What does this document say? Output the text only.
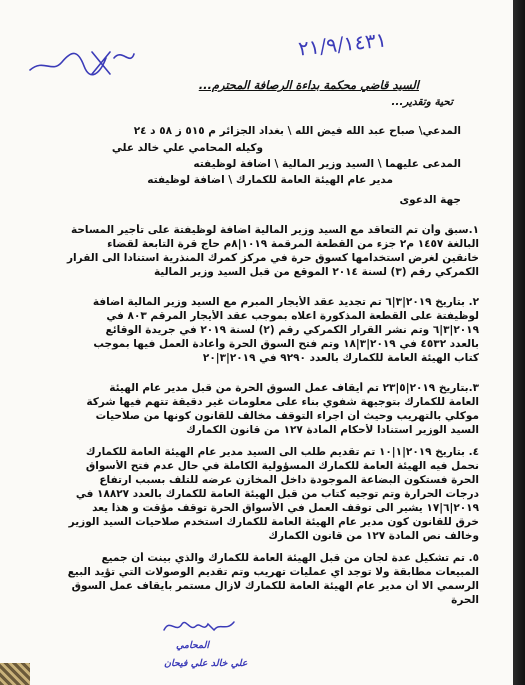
٢١/٩/١٤٣١
السيد قاضي محكمة بداءة الرصافة المحترم...
تحية وتقدير...
المدعي\ صباح عبد الله فيض الله \ بغداد الجزائر م ٥١٥ ز ٥٨ د ٢٤
وكيله المحامي علي خالد علي
المدعى عليهما \ السيد وزير المالية \ اضافة لوظيفته
مدير عام الهيئة العامة للكمارك \ اضافة لوظيفته
جهة الدعوى
١.سبق وأن تم التعاقد مع السيد وزير المالية اضافة لوظيفتة على تأجير المساحة
البالغة ١٤٥٧ م٢ جزء من القطعة المرقمة ١٠١٩|٨م حاج قرة التابعة لقضاء
خانقين لغرض استخدامها كسوق حرة في مركز كمرك المنذرية استنادا الى القرار
الكمركي رقم (٣) لسنة ٢٠١٤ الموقع من قبل السيد وزير المالية
٢. بتاريخ ٢٠١٩|٣|٦ تم تجديد عقد الأيجار المبرم مع السيد وزير المالية اضافة
لوظيفتة على القطعة المذكورة اعلاه بموجب عقد الأيجار المرقم ٨٠٣ في
٢٠١٩|٣|٦ وتم نشر القرار الكمركي رقم (٢) لسنة ٢٠١٩ في جريدة الوقائع
بالعدد ٤٥٣٢ في ٢٠١٩|٣|١٨ وتم فتح السوق الحرة وأعادة العمل فيها بموجب
كتاب الهيئة العامة للكمارك بالعدد ٩٢٩٠ في ٢٠١٩|٣|٢٠
٣.بتاريخ ٢٠١٩|٥|٢٣ تم أيقاف عمل السوق الحرة من قبل مدير عام الهيئة
العامة للكمارك بتوجيهة شفوي بناء على معلومات غير دقيقة تتهم فيها شركة
موكلي بالتهريب وحيث أن اجراء التوقف مخالف للقانون كونها من صلاحيات
السيد الوزير استنادا لأحكام المادة ١٢٧ من قانون الكمارك
٤. بتاريخ ٢٠١٩|١|١٠ تم تقديم طلب الى السيد مدير عام الهيئة العامة للكمارك
نحمل فيه الهيئة العامة للكمارك المسؤولية الكاملة في حال عدم فتح الأسواق
الحرة فستكون البضاعة الموجودة داخل المخازن عرضه للتلف بسبب ارتفاع
درجات الحرارة وتم توجيه كتاب من قبل الهيئة العامة للكمارك بالعدد ١٨٨٢٧ في
٢٠١٩|٦|١٧ يشير الى توقف العمل في الأسواق الحرة توقف مؤقت و هذا يعد
خرق للقانون كون مدير عام الهيئة العامة للكمارك استخدم صلاحيات السيد الوزير
وخالف نص المادة ١٢٧ من قانون الكمارك
٥. تم تشكيل عدة لجان من قبل الهيئة العامة للكمارك والذي بينت أن جميع
المبيعات مطابقة ولا توجد اي عمليات تهريب وتم تقديم الوصولات التي تؤيد البيع
الرسمي الا أن مدير عام الهيئة العامة للكمارك لازال مستمر بايقاف عمل السوق
الحرة
المحامي
علي خالد علي فيحان
